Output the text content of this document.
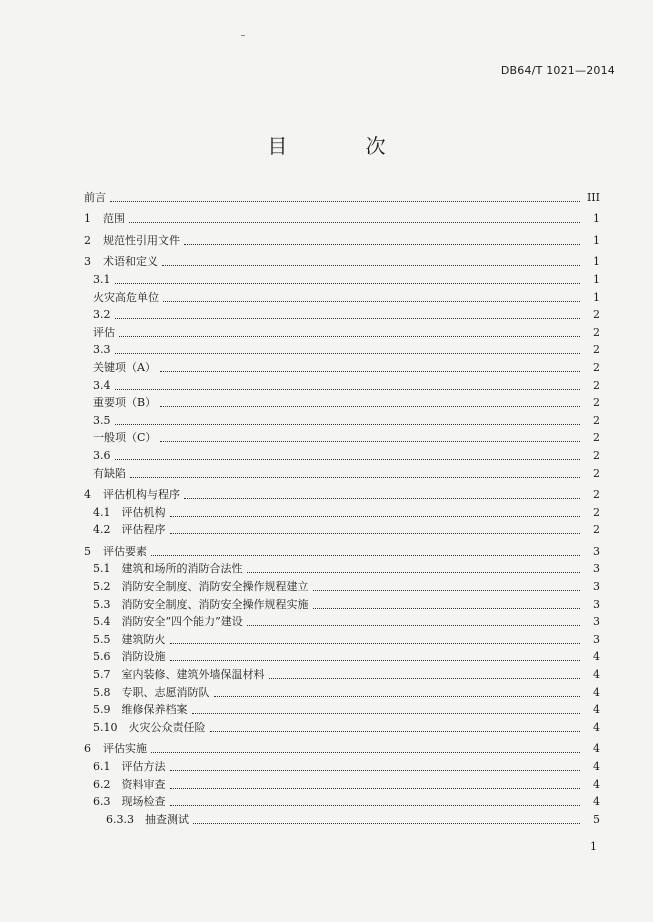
DB64/T 1021—2014
目 次
前言	III
1 范围	1
2 规范性引用文件	1
3 术语和定义	1
3.1	1
火灾高危单位	1
3.2	2
评估	2
3.3	2
关键项（A）	2
3.4	2
重要项（B）	2
3.5	2
一般项（C）	2
3.6	2
有缺陷	2
4 评估机构与程序	2
4.1 评估机构	2
4.2 评估程序	2
5 评估要素	3
5.1 建筑和场所的消防合法性	3
5.2 消防安全制度、消防安全操作规程建立	3
5.3 消防安全制度、消防安全操作规程实施	3
5.4 消防安全“四个能力”建设	3
5.5 建筑防火	3
5.6 消防设施	4
5.7 室内装修、建筑外墙保温材料	4
5.8 专职、志愿消防队	4
5.9 维修保养档案	4
5.10 火灾公众责任险	4
6 评估实施	4
6.1 评估方法	4
6.2 资料审查	4
6.3 现场检查	4
6.3.3 抽查测试	5
1
